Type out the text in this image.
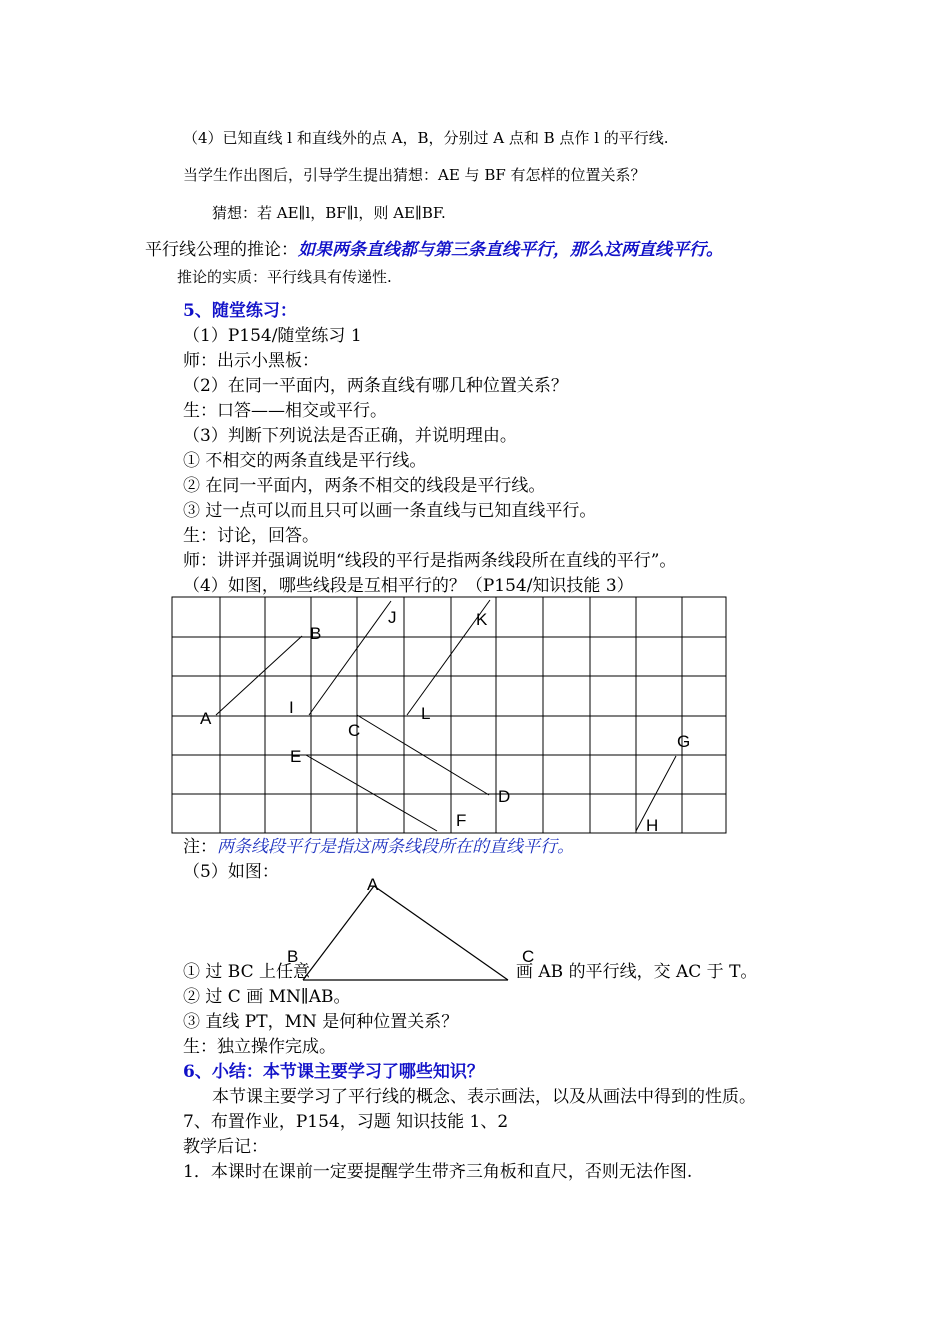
（4）已知直线 l 和直线外的点 A，B，分别过 A 点和 B 点作 l 的平行线.
当学生作出图后，引导学生提出猜想：AE 与 BF 有怎样的位置关系？
猜想：若 AE∥l，BF∥l，则 AE∥BF.
平行线公理的推论：如果两条直线都与第三条直线平行，那么这两直线平行。
推论的实质：平行线具有传递性.
5、随堂练习：
（1）P154/随堂练习 1
师：出示小黑板：
（2）在同一平面内，两条直线有哪几种位置关系？
生：口答——相交或平行。
（3）判断下列说法是否正确，并说明理由。
① 不相交的两条直线是平行线。
② 在同一平面内，两条不相交的线段是平行线。
③ 过一点可以而且只可以画一条直线与已知直线平行。
生：讨论，回答。
师：讲评并强调说明“线段的平行是指两条线段所在直线的平行”。
（4）如图，哪些线段是互相平行的？（P154/知识技能 3）
A
B
I
J	K
L
C
D
E
F
G
H
A
B	C
注：两条线段平行是指这两条线段所在的直线平行。
（5）如图：
① 过 BC 上任意	画 AB 的平行线，交 AC 于 T。
② 过 C 画 MN∥AB。
③ 直线 PT，MN 是何种位置关系？
生：独立操作完成。
6、小结：本节课主要学习了哪些知识？
本节课主要学习了平行线的概念、表示画法，以及从画法中得到的性质。
7、布置作业，P154，习题 知识技能 1、2
教学后记：
1．本课时在课前一定要提醒学生带齐三角板和直尺，否则无法作图.
